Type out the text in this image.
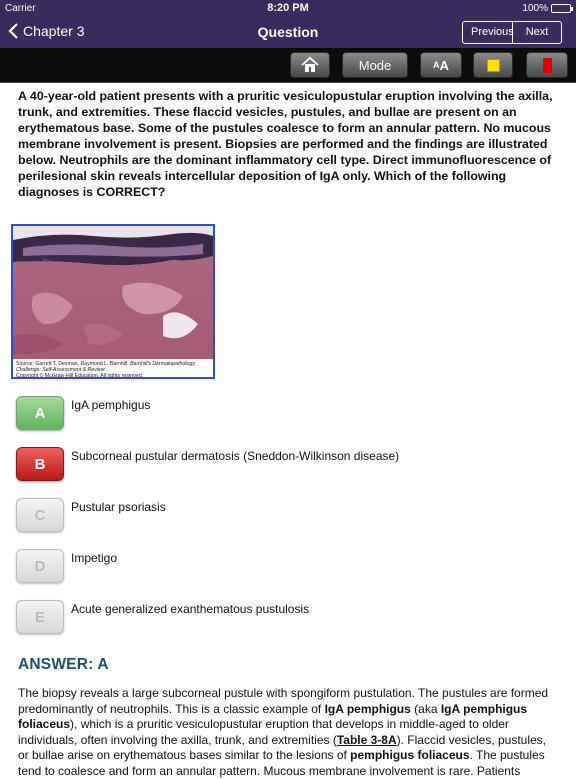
Carrier	8:20 PM	100%
Chapter 3	Question	Previous	Next
Mode	A A
A 40-year-old patient presents with a pruritic vesiculopustular eruption involving the axilla, trunk, and extremities. These flaccid vesicles, pustules, and bullae are present on an erythematous base. Some of the pustules coalesce to form an annular pattern. No mucous membrane involvement is present. Biopsies are performed and the findings are illustrated below. Neutrophils are the dominant inflammatory cell type. Direct immunofluorescence of perilesional skin reveals intercellular deposition of IgA only. Which of the following diagnoses is CORRECT?
Source: Garrett T. Desman, Raymond L. Barnhill: Barnhill's Dermatopathology Challenge: Self-Assessment & Review
Copyright © McGraw-Hill Education. All rights reserved.
A	IgA pemphigus
B	Subcorneal pustular dermatosis (Sneddon-Wilkinson disease)
C	Pustular psoriasis
D	Impetigo
E	Acute generalized exanthematous pustulosis
ANSWER: A
The biopsy reveals a large subcorneal pustule with spongiform pustulation. The pustules are formed predominantly of neutrophils. This is a classic example of IgA pemphigus (aka IgA pemphigus foliaceus), which is a pruritic vesiculopustular eruption that develops in middle-aged to older individuals, often involving the axilla, trunk, and extremities (Table 3-8A). Flaccid vesicles, pustules, or bullae arise on erythematous bases similar to the lesions of pemphigus foliaceus. The pustules tend to coalesce and form an annular pattern. Mucous membrane involvement is rare. Patients
